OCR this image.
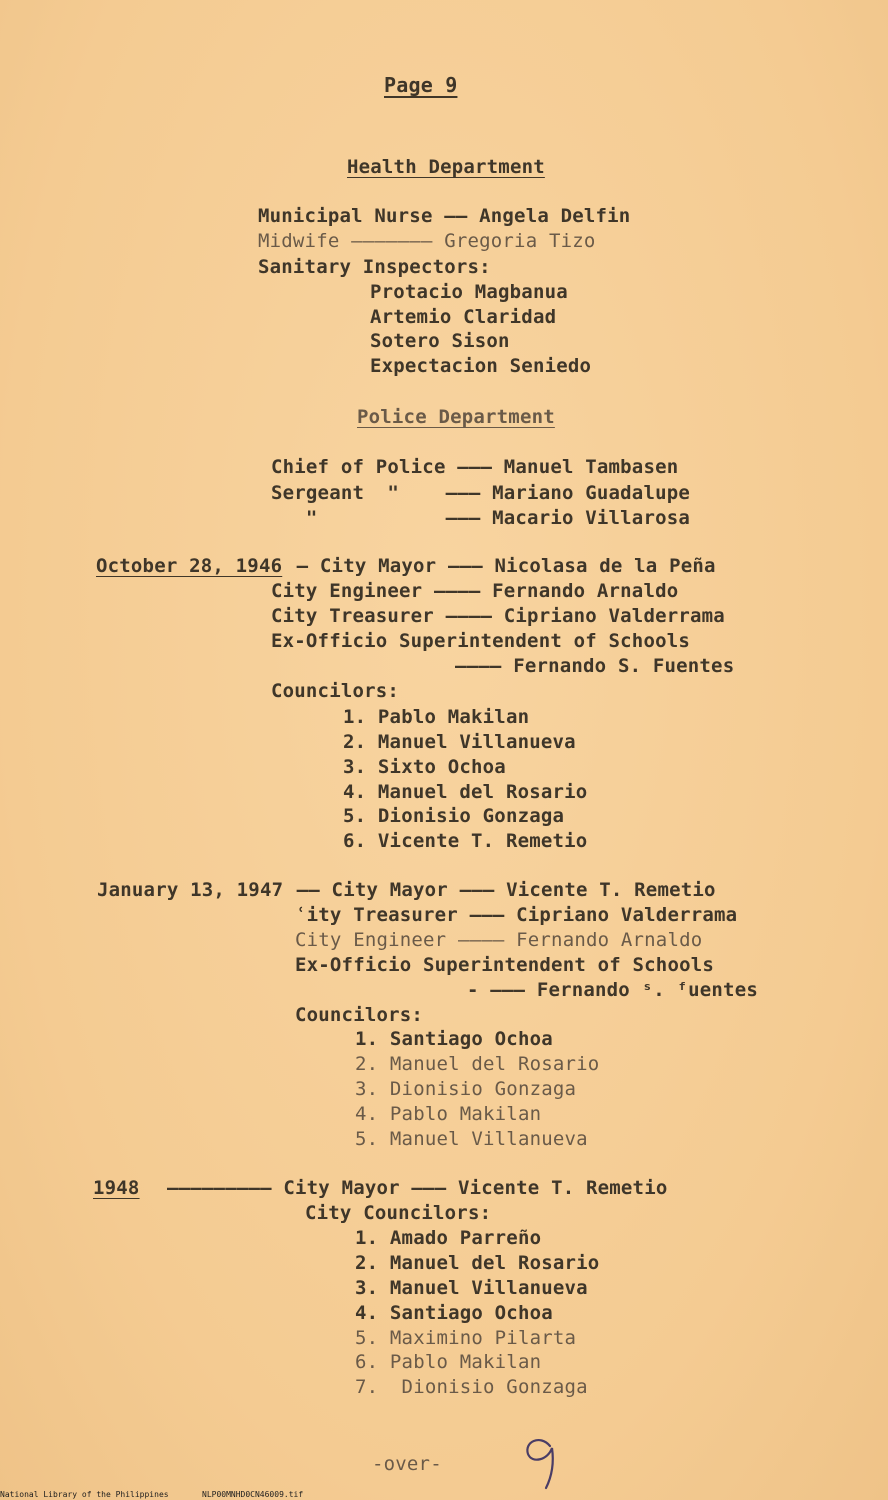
Page 9
Health Department
Municipal Nurse —— Angela Delfin
Midwife ——————— Gregoria Tizo
Sanitary Inspectors:
Protacio Magbanua
Artemio Claridad
Sotero Sison
Expectacion Seniedo
Police Department
Chief of Police ——— Manuel Tambasen
Sergeant  "    ——— Mariano Guadalupe
"           ——— Macario Villarosa
October 28, 1946 — City Mayor ——— Nicolasa de la Peña
City Engineer ———— Fernando Arnaldo
City Treasurer ———— Cipriano Valderrama
Ex-Officio Superintendent of Schools
———— Fernando S. Fuentes
Councilors:
1. Pablo Makilan
2. Manuel Villanueva
3. Sixto Ochoa
4. Manuel del Rosario
5. Dionisio Gonzaga
6. Vicente T. Remetio
January 13, 1947 —— City Mayor ——— Vicente T. Remetio
ʿity Treasurer ——— Cipriano Valderrama
City Engineer ———— Fernando Arnaldo
Ex-Officio Superintendent of Schools
- ——— Fernando ˢ. ᶠuentes
Councilors:
1. Santiago Ochoa
2. Manuel del Rosario
3. Dionisio Gonzaga
4. Pablo Makilan
5. Manuel Villanueva
1948 ————————— City Mayor ——— Vicente T. Remetio
City Councilors:
1. Amado Parreño
2. Manuel del Rosario
3. Manuel Villanueva
4. Santiago Ochoa
5. Maximino Pilarta
6. Pablo Makilan
7.  Dionisio Gonzaga
-over-
National Library of the Philippines	NLP00MNHD0CN46009.tif
